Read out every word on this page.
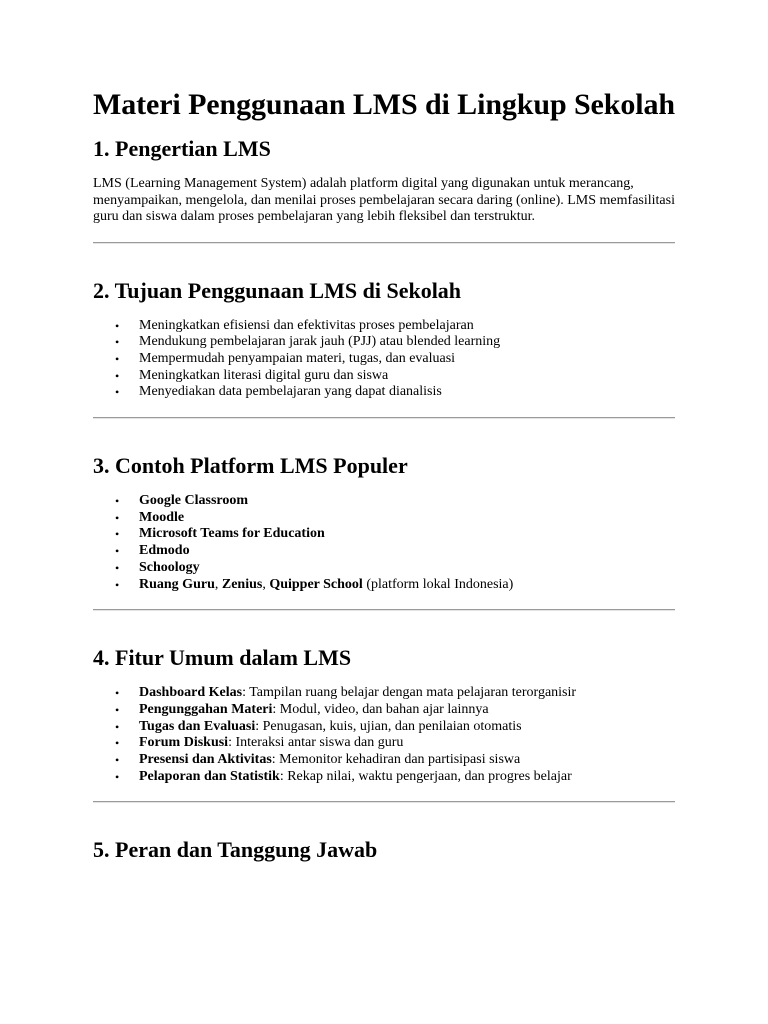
Materi Penggunaan LMS di Lingkup Sekolah
1. Pengertian LMS

LMS (Learning Management System) adalah platform digital yang digunakan untuk merancang, menyampaikan, mengelola, dan menilai proses pembelajaran secara daring (online). LMS memfasilitasi guru dan siswa dalam proses pembelajaran yang lebih fleksibel dan terstruktur.

2. Tujuan Penggunaan LMS di Sekolah
• Meningkatkan efisiensi dan efektivitas proses pembelajaran
• Mendukung pembelajaran jarak jauh (PJJ) atau blended learning
• Mempermudah penyampaian materi, tugas, dan evaluasi
• Meningkatkan literasi digital guru dan siswa
• Menyediakan data pembelajaran yang dapat dianalisis
3. Contoh Platform LMS Populer
• Google Classroom
• Moodle
• Microsoft Teams for Education
• Edmodo
• Schoology
• Ruang Guru, Zenius, Quipper School (platform lokal Indonesia)
4. Fitur Umum dalam LMS
• Dashboard Kelas: Tampilan ruang belajar dengan mata pelajaran terorganisir
• Pengunggahan Materi: Modul, video, dan bahan ajar lainnya
• Tugas dan Evaluasi: Penugasan, kuis, ujian, dan penilaian otomatis
• Forum Diskusi: Interaksi antar siswa dan guru
• Presensi dan Aktivitas: Memonitor kehadiran dan partisipasi siswa
• Pelaporan dan Statistik: Rekap nilai, waktu pengerjaan, dan progres belajar
5. Peran dan Tanggung Jawab
